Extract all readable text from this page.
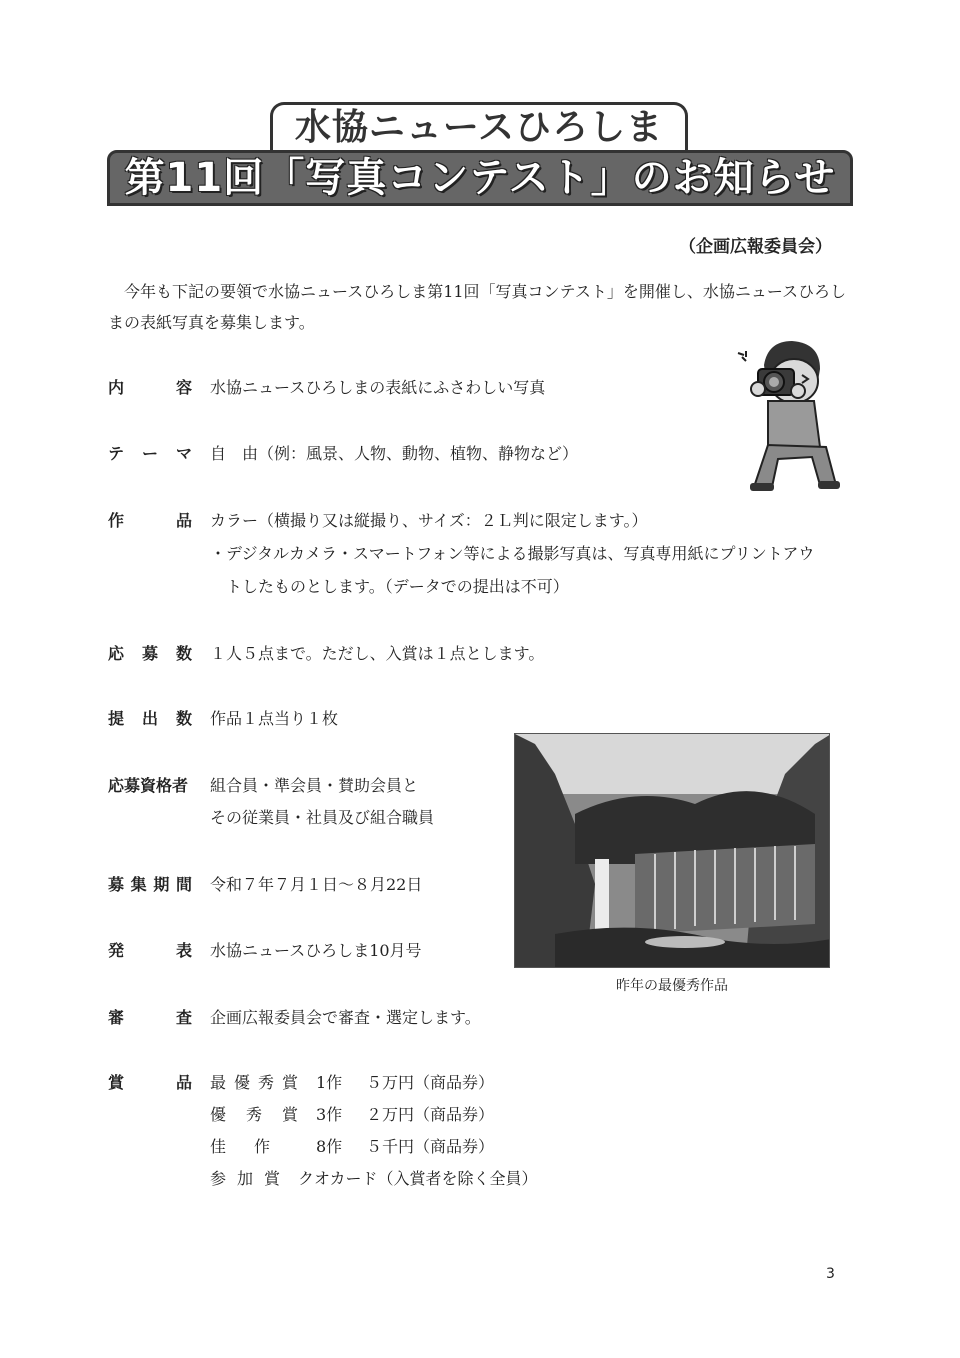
水協ニュースひろしま
第11回「写真コンテスト」のお知らせ
（企画広報委員会）
今年も下記の要領で水協ニュースひろしま第11回「写真コンテスト」を開催し、水協ニュースひろしまの表紙写真を募集します。
内	容 水協ニュースひろしまの表紙にふさわしい写真
テ ー マ 自　由（例：風景、人物、動物、植物、静物など）
作	品 カラー（横撮り又は縦撮り、サイズ：２Ｌ判に限定します。）
・デジタルカメラ・スマートフォン等による撮影写真は、写真専用紙にプリントアウ
　トしたものとします。（データでの提出は不可）
応 募 数 １人５点まで。ただし、入賞は１点とします。
提 出 数 作品１点当り１枚
応募資格者 組合員・準会員・賛助会員と
その従業員・社員及び組合職員
募 集 期 間 令和７年７月１日～８月22日
発	表 水協ニュースひろしま10月号
審	査 企画広報委員会で審査・選定します。
賞	品 最 優 秀 賞 1作	５万円（商品券）
優 秀 賞 3作	２万円（商品券）
佳 作	8作	５千円（商品券）
参 加 賞 クオカード（入賞者を除く全員）
昨年の最優秀作品
3
